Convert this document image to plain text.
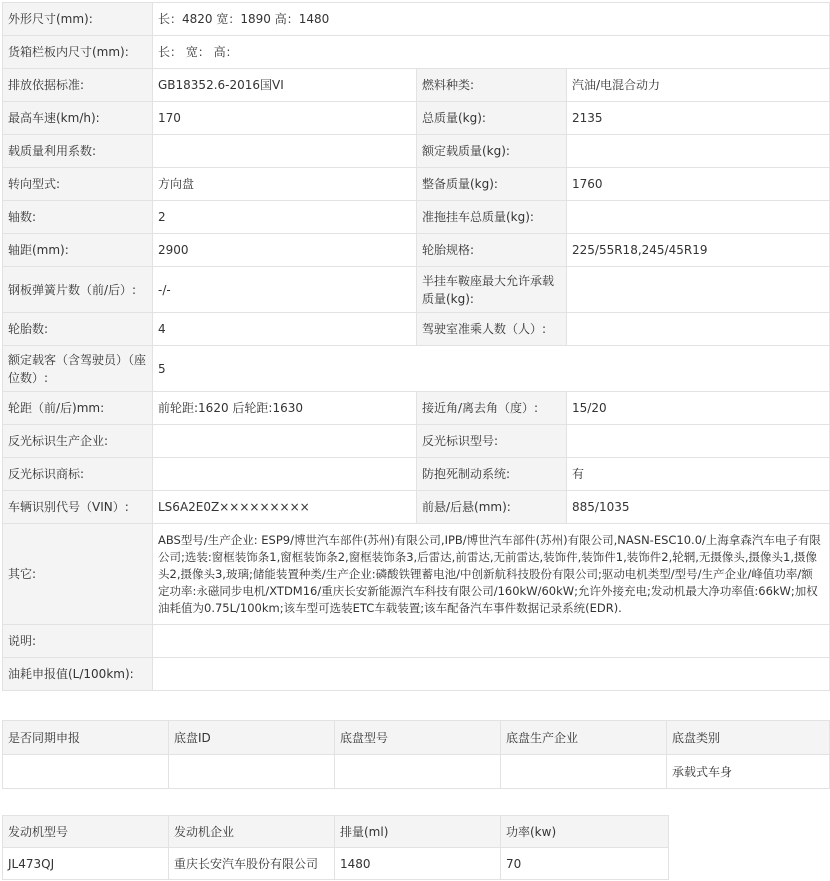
外形尺寸(mm):	长：4820 宽：1890 高：1480		
货箱栏板内尺寸(mm):	长： 宽： 高：		
排放依据标准:	GB18352.6-2016国VI	燃料种类:	汽油/电混合动力
最高车速(km/h):	170	总质量(kg):	2135
载质量利用系数:		额定载质量(kg):	
转向型式:	方向盘	整备质量(kg):	1760
轴数:	2	准拖挂车总质量(kg):	
轴距(mm):	2900	轮胎规格:	225/55R18,245/45R19
钢板弹簧片数（前/后）:	-/-	半挂车鞍座最大允许承载质量(kg):	
轮胎数:	4	驾驶室准乘人数（人）:	
额定载客（含驾驶员）（座位数）:	5		
轮距（前/后)mm:	前轮距:1620 后轮距:1630	接近角/离去角（度）:	15/20
反光标识生产企业:		反光标识型号:	
反光标识商标:		防抱死制动系统:	有
车辆识别代号（VIN）:	LS6A2E0Z×××××××××	前悬/后悬(mm):	885/1035
其它:	ABS型号/生产企业: ESP9/博世汽车部件(苏州)有限公司,IPB/博世汽车部件(苏州)有限公司,NASN-ESC10.0/上海拿森汽车电子有限公司;选装:窗框装饰条1,窗框装饰条2,窗框装饰条3,后雷达,前雷达,无前雷达,装饰件,装饰件1,装饰件2,轮辋,无摄像头,摄像头1,摄像头2,摄像头3,玻璃;储能装置种类/生产企业:磷酸铁锂蓄电池/中创新航科技股份有限公司;驱动电机类型/型号/生产企业/峰值功率/额定功率:永磁同步电机/XTDM16/重庆长安新能源汽车科技有限公司/160kW/60kW;允许外接充电;发动机最大净功率值:66kW;加权油耗值为0.75L/100km;该车型可选装ETC车载装置;该车配备汽车事件数据记录系统(EDR).		
说明:			
油耗申报值(L/100km):			
是否同期申报	底盘ID	底盘型号	底盘生产企业	底盘类别
				承载式车身
发动机型号	发动机企业	排量(ml)	功率(kw)
JL473QJ	重庆长安汽车股份有限公司	1480	70
